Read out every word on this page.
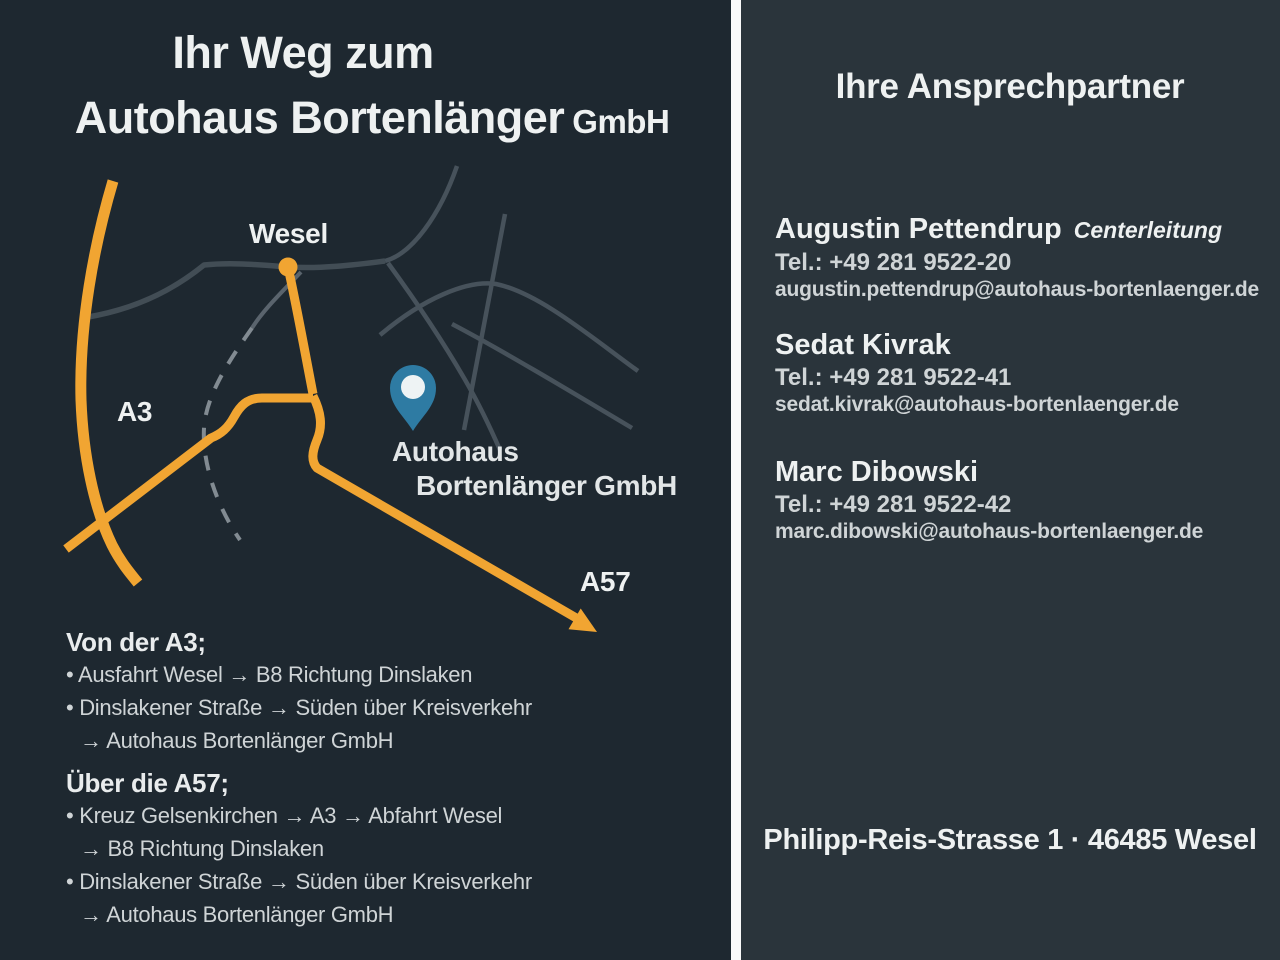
Ihr Weg zum
Autohaus Bortenlänger GmbH
Wesel
A3
A57
Autohaus
Bortenlänger GmbH
Von der A3;
• Ausfahrt Wesel → B8 Richtung Dinslaken
• Dinslakener Straße → Süden über Kreisverkehr
→ Autohaus Bortenlänger GmbH
Über die A57;
• Kreuz Gelsenkirchen → A3 → Abfahrt Wesel
→ B8 Richtung Dinslaken
• Dinslakener Straße → Süden über Kreisverkehr
→ Autohaus Bortenlänger GmbH
Ihre Ansprechpartner
Augustin Pettendrup Centerleitung
Tel.: +49 281 9522-20
augustin.pettendrup@autohaus-bortenlaenger.de
Sedat Kivrak
Tel.: +49 281 9522-41
sedat.kivrak@autohaus-bortenlaenger.de
Marc Dibowski
Tel.: +49 281 9522-42
marc.dibowski@autohaus-bortenlaenger.de
Philipp-Reis-Strasse 1 · 46485 Wesel
